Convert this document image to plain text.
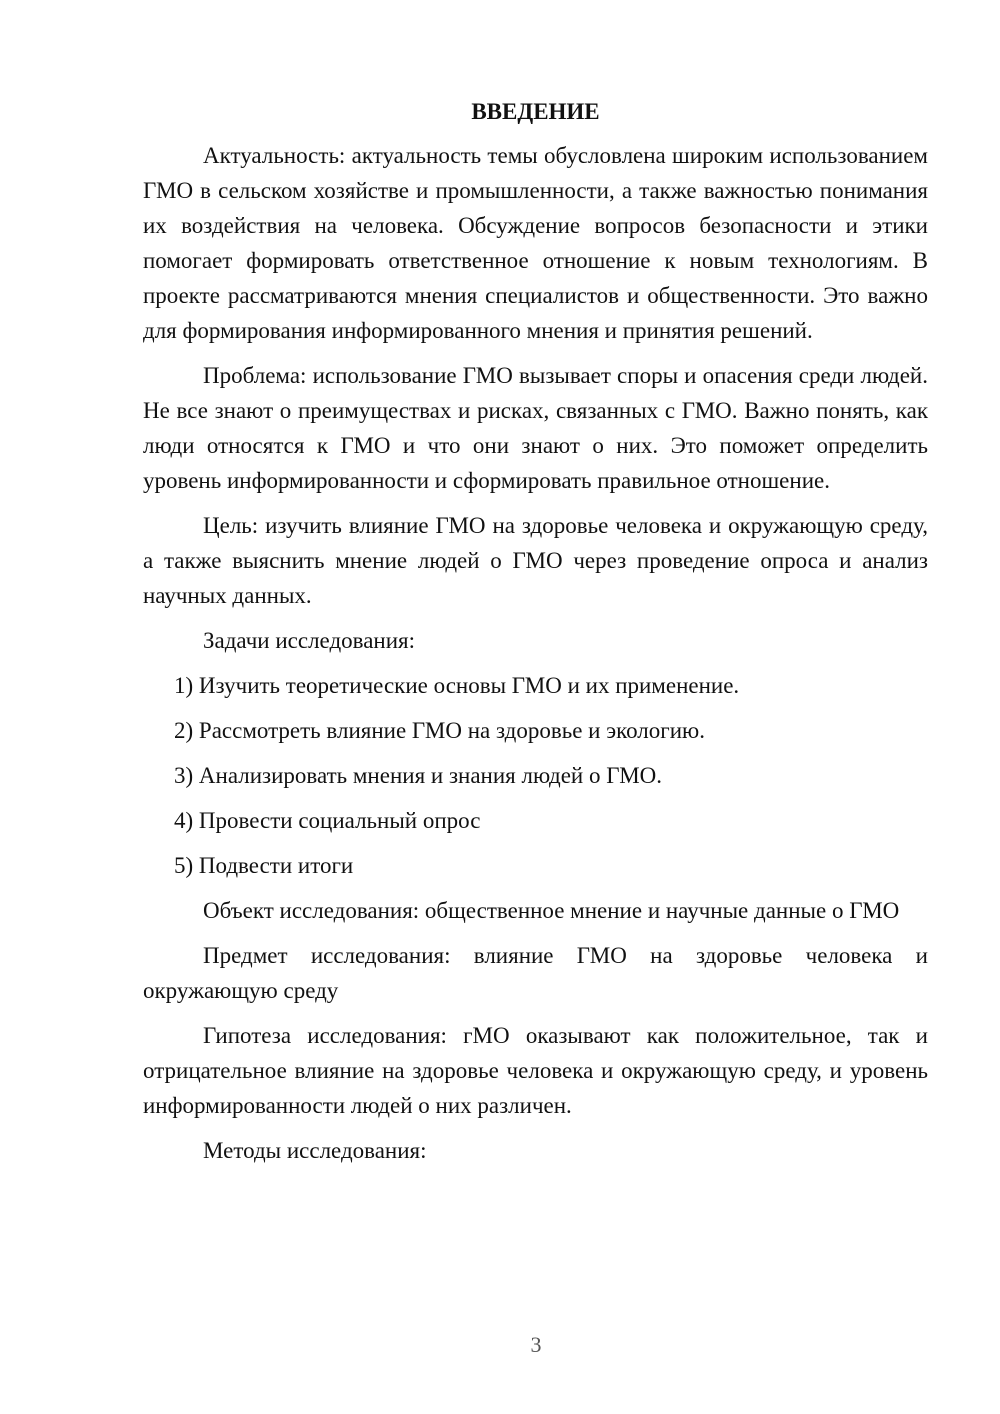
ВВЕДЕНИЕ

Актуальность: актуальность темы обусловлена широким использованием ГМО в сельском хозяйстве и промышленности, а также важностью понимания их воздействия на человека. Обсуждение вопросов безопасности и этики помогает формировать ответственное отношение к новым технологиям. В проекте рассматриваются мнения специалистов и общественности. Это важно для формирования информированного мнения и принятия решений.

Проблема: использование ГМО вызывает споры и опасения среди людей. Не все знают о преимуществах и рисках, связанных с ГМО. Важно понять, как люди относятся к ГМО и что они знают о них. Это поможет определить уровень информированности и сформировать правильное отношение.

Цель: изучить влияние ГМО на здоровье человека и окружающую среду, а также выяснить мнение людей о ГМО через проведение опроса и анализ научных данных.

Задачи исследования:

1) Изучить теоретические основы ГМО и их применение.
2) Рассмотреть влияние ГМО на здоровье и экологию.
3) Анализировать мнения и знания людей о ГМО.
4) Провести социальный опрос
5) Подвести итоги

Объект исследования: общественное мнение и научные данные о ГМО

Предмет исследования: влияние ГМО на здоровье человека и окружающую среду

Гипотеза исследования: гМО оказывают как положительное, так и отрицательное влияние на здоровье человека и окружающую среду, и уровень информированности людей о них различен.

Методы исследования:

3
